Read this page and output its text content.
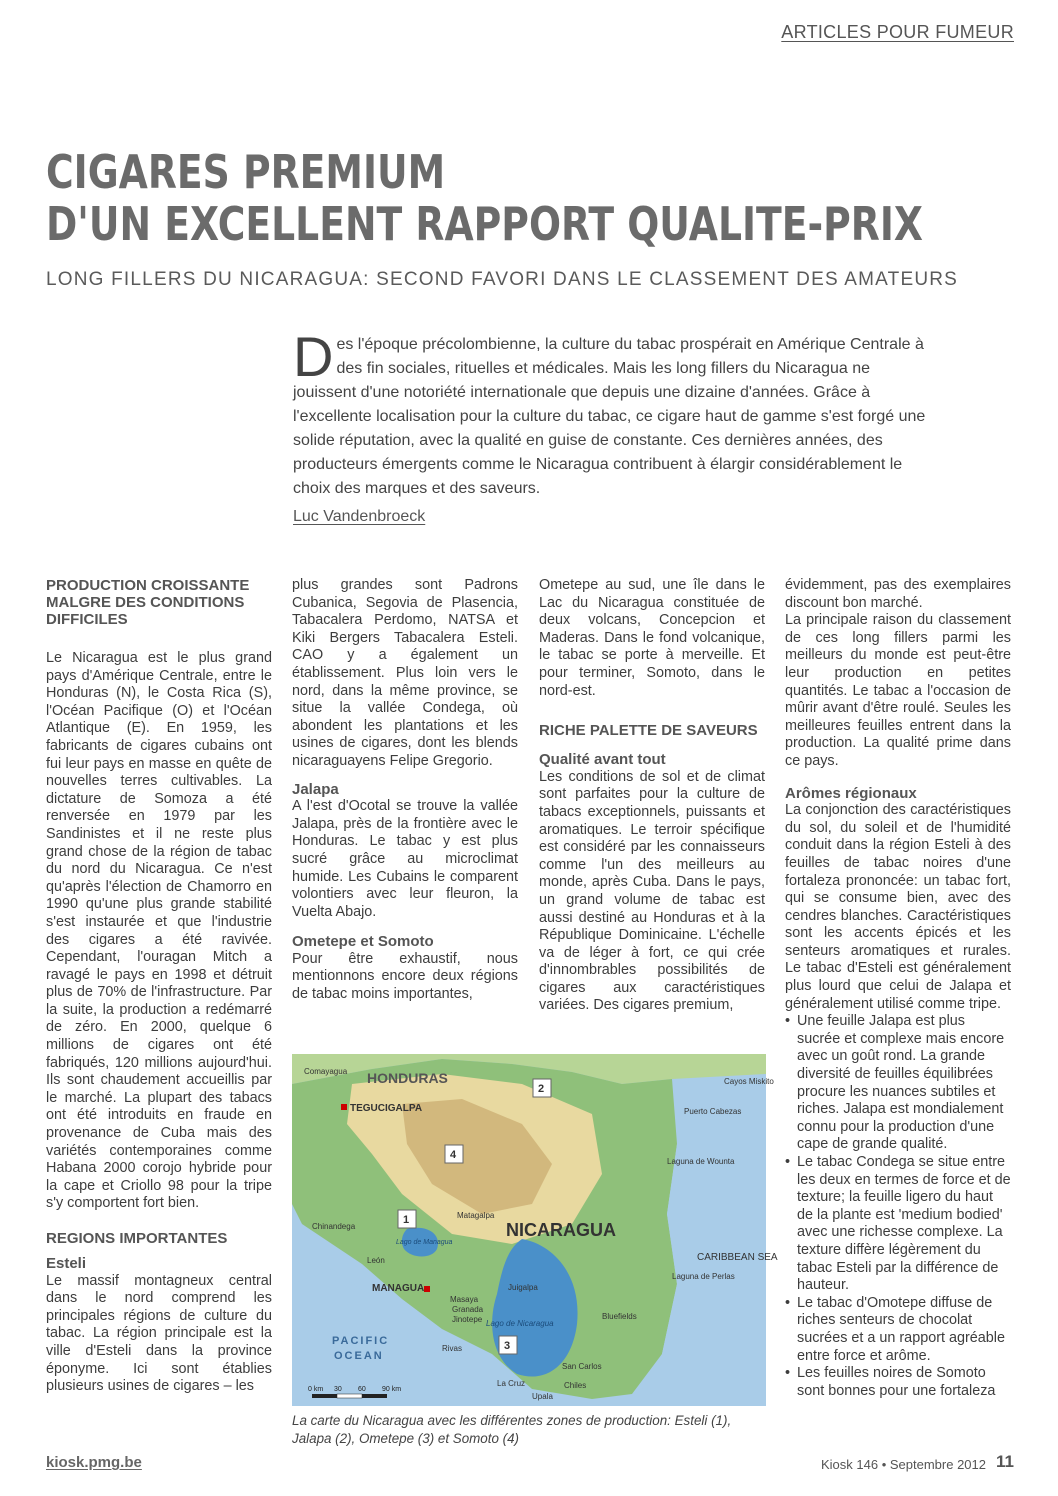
ARTICLES POUR FUMEUR
CIGARES PREMIUM
D'UN EXCELLENT RAPPORT QUALITE-PRIX
LONG FILLERS DU NICARAGUA: SECOND FAVORI DANS LE CLASSEMENT DES AMATEURS

Des l'époque précolombienne, la culture du tabac prospérait en Amérique Centrale à des fin sociales, rituelles et médicales. Mais les long fillers du Nicaragua ne jouissent d'une notoriété internationale que depuis une dizaine d'années. Grâce à l'excellente localisation pour la culture du tabac, ce cigare haut de gamme s'est forgé une solide réputation, avec la qualité en guise de constante. Ces dernières années, des producteurs émergents comme le Nicaragua contribuent à élargir considérablement le choix des marques et des saveurs.

Luc Vandenbroeck
PRODUCTION CROISSANTE MALGRE DES CONDITIONS DIFFICILES

Le Nicaragua est le plus grand pays d'Amérique Centrale, entre le Honduras (N), le Costa Rica (S), l'Océan Pacifique (O) et l'Océan Atlantique (E). En 1959, les fabricants de cigares cubains ont fui leur pays en masse en quête de nouvelles terres cultivables. La dictature de Somoza a été renversée en 1979 par les Sandinistes et il ne reste plus grand chose de la région de tabac du nord du Nicaragua. Ce n'est qu'après l'élection de Chamorro en 1990 qu'une plus grande stabilité s'est instaurée et que l'industrie des cigares a été ravivée. Cependant, l'ouragan Mitch a ravagé le pays en 1998 et détruit plus de 70% de l'infrastructure. Par la suite, la production a redémarré de zéro. En 2000, quelque 6 millions de cigares ont été fabriqués, 120 millions aujourd'hui. Ils sont chaudement accueillis par le marché. La plupart des tabacs ont été introduits en fraude en provenance de Cuba mais des variétés contemporaines comme Habana 2000 corojo hybride pour la cape et Criollo 98 pour la tripe s'y comportent fort bien.

REGIONS IMPORTANTES
Esteli

Le massif montagneux central dans le nord comprend les principales régions de culture du tabac. La région principale est la ville d'Esteli dans la province éponyme. Ici sont établies plusieurs usines de cigares – les

plus grandes sont Padrons Cubanica, Segovia de Plasencia, Tabacalera Perdomo, NATSA et Kiki Bergers Tabacalera Esteli. CAO y a également un établissement. Plus loin vers le nord, dans la même province, se situe la vallée Condega, où abondent les plantations et les usines de cigares, dont les blends nicaraguayens Felipe Gregorio.

Jalapa

A l'est d'Ocotal se trouve la vallée Jalapa, près de la frontière avec le Honduras. Le tabac y est plus sucré grâce au microclimat humide. Les Cubains le comparent volontiers avec leur fleuron, la Vuelta Abajo.

Ometepe et Somoto

Pour être exhaustif, nous mentionnons encore deux régions de tabac moins importantes,

Ometepe au sud, une île dans le Lac du Nicaragua constituée de deux volcans, Concepcion et Maderas. Dans le fond volcanique, le tabac se porte à merveille. Et pour terminer, Somoto, dans le nord-est.

RICHE PALETTE DE SAVEURS
Qualité avant tout

Les conditions de sol et de climat sont parfaites pour la culture de tabacs exceptionnels, puissants et aromatiques. Le terroir spécifique est considéré par les connaisseurs comme l'un des meilleurs au monde, après Cuba. Dans le pays, un grand volume de tabac est aussi destiné au Honduras et à la République Dominicaine. L'échelle va de léger à fort, ce qui crée d'innombrables possibilités de cigares aux caractéristiques variées. Des cigares premium,

évidemment, pas des exemplaires discount bon marché.

La principale raison du classement de ces long fillers parmi les meilleurs du monde est peut-être leur production en petites quantités. Le tabac a l'occasion de mûrir avant d'être roulé. Seules les meilleures feuilles entrent dans la production. La qualité prime dans ce pays.

Arômes régionaux

La conjonction des caractéristiques du sol, du soleil et de l'humidité conduit dans la région Esteli à des feuilles de tabac noires d'une fortaleza prononcée: un tabac fort, qui se consume bien, avec des cendres blanches. Caractéristiques sont les accents épicés et les senteurs aromatiques et rurales. Le tabac d'Esteli est généralement plus lourd que celui de Jalapa et généralement utilisé comme tripe.

• Une feuille Jalapa est plus sucrée et complexe mais encore avec un goût rond. La grande diversité de feuilles équilibrées procure les nuances subtiles et riches. Jalapa est mondialement connu pour la production d'une cape de grande qualité.
• Le tabac Condega se situe entre les deux en termes de force et de texture; la feuille ligero du haut de la plante est 'medium bodied' avec une richesse complexe. La texture diffère légèrement du tabac Esteli par la différence de hauteur.
• Le tabac d'Omotepe diffuse de riches senteurs de chocolat sucrées et a un rapport agréable entre force et arôme.
• Les feuilles noires de Somoto sont bonnes pour une fortaleza
HONDURAS
TEGUCIGALPA
NICARAGUA
MANAGUA
CARIBBEAN SEA
PACIFIC
OCEAN
Lago de Nicaragua
Lago de Managua
Comayagua
Chinandega
León
Masaya
Granada
Jinotepe
Rivas
Matagalpa
Juigalpa
Bluefields
San Carlos
Upala
Chiles
La Cruz
Puerto Cabezas
Cayos Miskito
Laguna de Perlas
Laguna de Wounta
1
2
3
4
0 km 30 60 90 km
La carte du Nicaragua avec les différentes zones de production: Esteli (1), Jalapa (2), Ometepe (3) et Somoto (4)
kiosk.pmg.be	Kiosk 146 • Septembre 2012 11
